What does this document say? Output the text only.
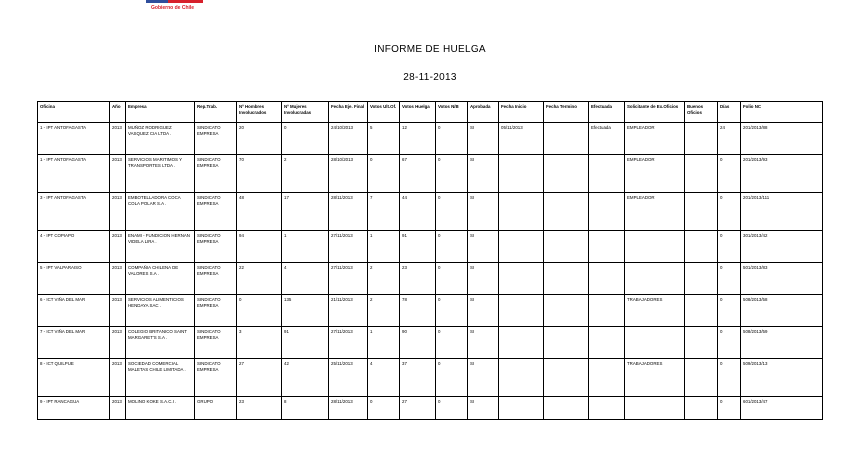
Gobierno de Chile
INFORME DE HUELGA
28-11-2013
Oficina	Año	Empresa	Rep.Trab.	Nº Hombres Involucrados	Nº Mujeres Involucradas	Fecha Eje. Final	Votos Ult.Of.	Votos Huelga	Votos N/B	Aprobada	Fecha Inicio	Fecha Termino	Efectuada	Solicitante de Ex.Oficios	Buenos Oficios	Días	Folio NC
1 - IPT ANTOFAGASTA	2013	MUÑOZ RODRIGUEZ VASQUEZ CIA LTDA .	SINDICATO EMPRESA	20	0	24/10/2013	5	12	0	SI	05/11/2013		Efectuada	EMPLEADOR		24	201/2013/88
1 - IPT ANTOFAGASTA	2013	SERVICIOS MARITIMOS Y TRANSPORTES LTDA .	SINDICATO EMPRESA	70	2	28/10/2013	0	67	0	SI				EMPLEADOR		0	201/2013/93
3 - IPT ANTOFAGASTA	2013	EMBOTELLADORA COCA COLA POLAR S.A .	SINDICATO EMPRESA	48	17	28/11/2013	7	44	0	SI				EMPLEADOR		0	201/2013/111
4 - IPT COPIAPO	2013	ENAMI - FUNDICION HERNAN VIDELA LIRA .	SINDICATO EMPRESA	94	1	27/11/2013	1	91	0	SI						0	301/2013/42
5 - IPT VALPARAISO	2013	COMPAÑIA CHILENA DE VALORES S.A .	SINDICATO EMPRESA	22	4	27/11/2013	2	23	0	SI						0	501/2013/83
6 - ICT VIÑA DEL MAR	2013	SERVICIOS ALIMENTICIOS HENDAYA SAC .	SINDICATO EMPRESA	0	135	21/11/2013	2	78	0	SI				TRABAJADORES		0	508/2013/58
7 - ICT VIÑA DEL MAR	2013	COLEGIO BRITANICO SAINT MARGARET'S S.A .	SINDICATO EMPRESA	3	91	27/11/2013	1	90	0	SI						0	508/2013/59
8 - ICT QUILPUE	2013	SOCIEDAD COMERCIAL MALETAS CHILE LIMITADA .	SINDICATO EMPRESA	27	42	25/11/2013	4	37	0	SI				TRABAJADORES		0	509/2013/13
9 - IPT RANCAGUA	2013	MOLINO KOKE S.A.C.I .	GRUPO	23	8	28/11/2013	0	27	0	SI						0	601/2013/47
